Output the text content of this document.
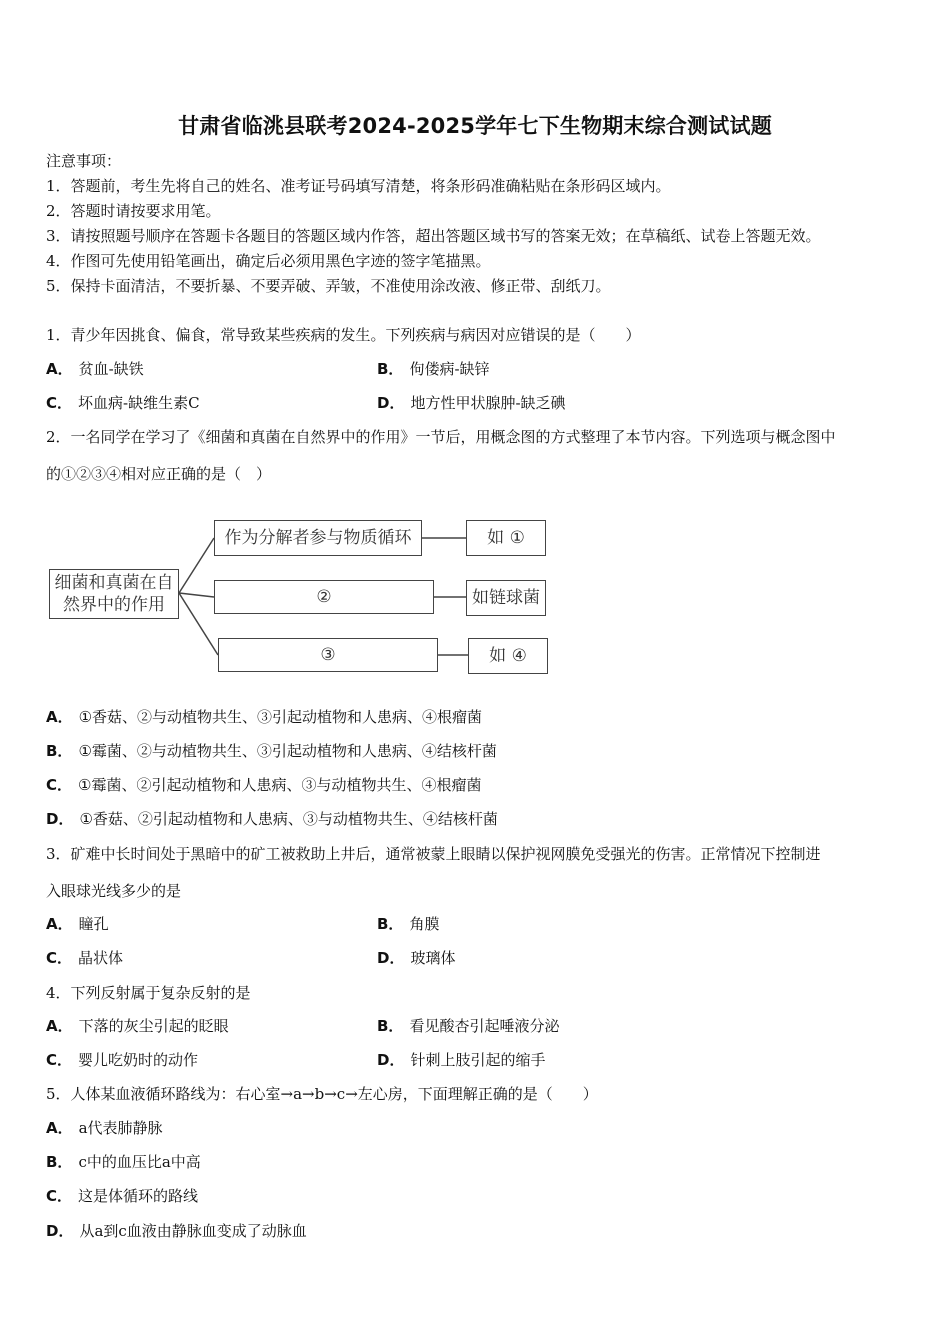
甘肃省临洮县联考2024-2025学年七下生物期末综合测试试题
注意事项：
1．答题前，考生先将自己的姓名、准考证号码填写清楚，将条形码准确粘贴在条形码区域内。
2．答题时请按要求用笔。
3．请按照题号顺序在答题卡各题目的答题区域内作答，超出答题区域书写的答案无效；在草稿纸、试卷上答题无效。
4．作图可先使用铅笔画出，确定后必须用黑色字迹的签字笔描黑。
5．保持卡面清洁，不要折暴、不要弄破、弄皱，不准使用涂改液、修正带、刮纸刀。
1．青少年因挑食、偏食，常导致某些疾病的发生。下列疾病与病因对应错误的是（　　）
A． 贫血-缺铁	B． 佝偻病-缺锌
C． 坏血病-缺维生素C	D． 地方性甲状腺肿-缺乏碘
2．一名同学在学习了《细菌和真菌在自然界中的作用》一节后，用概念图的方式整理了本节内容。下列选项与概念图中
的①②③④相对应正确的是（　）
细菌和真菌在自然界中的作用
作为分解者参与物质循环	如 ①
②	如链球菌
③	如 ④
A． ①香菇、②与动植物共生、③引起动植物和人患病、④根瘤菌
B． ①霉菌、②与动植物共生、③引起动植物和人患病、④结核杆菌
C． ①霉菌、②引起动植物和人患病、③与动植物共生、④根瘤菌
D． ①香菇、②引起动植物和人患病、③与动植物共生、④结核杆菌
3．矿难中长时间处于黑暗中的矿工被救助上井后，通常被蒙上眼睛以保护视网膜免受强光的伤害。正常情况下控制进
入眼球光线多少的是
A． 瞳孔	B． 角膜
C． 晶状体	D． 玻璃体
4．下列反射属于复杂反射的是
A． 下落的灰尘引起的眨眼	B． 看见酸杏引起唾液分泌
C． 婴儿吃奶时的动作	D． 针刺上肢引起的缩手
5．人体某血液循环路线为：右心室→a→b→c→左心房，下面理解正确的是（　　）
A． a代表肺静脉
B． c中的血压比a中高
C． 这是体循环的路线
D． 从a到c血液由静脉血变成了动脉血
